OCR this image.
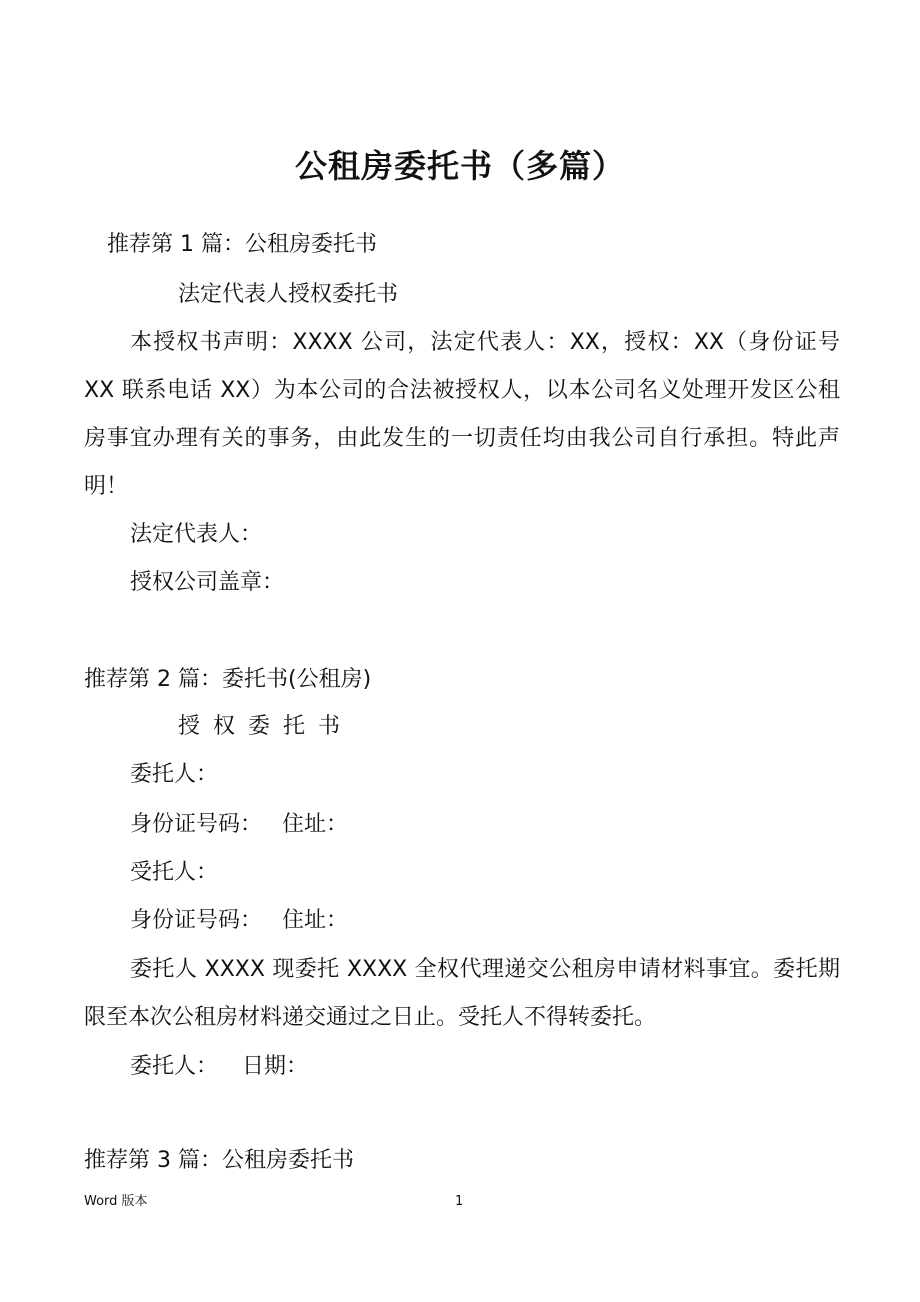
公租房委托书（多篇）
推荐第 1 篇：公租房委托书
法定代表人授权委托书
本授权书声明：XXXX 公司，法定代表人：XX，授权：XX（身份证号 XX 联系电话 XX）为本公司的合法被授权人，以本公司名义处理开发区公租房事宜办理有关的事务，由此发生的一切责任均由我公司自行承担。特此声明！
法定代表人：
授权公司盖章：
推荐第 2 篇：委托书(公租房)
授权委托书
委托人：
身份证号码： 住址：
受托人：
身份证号码： 住址：
委托人 XXXX 现委托 XXXX 全权代理递交公租房申请材料事宜。委托期限至本次公租房材料递交通过之日止。受托人不得转委托。
委托人： 日期：
推荐第 3 篇：公租房委托书
Word 版本	1
